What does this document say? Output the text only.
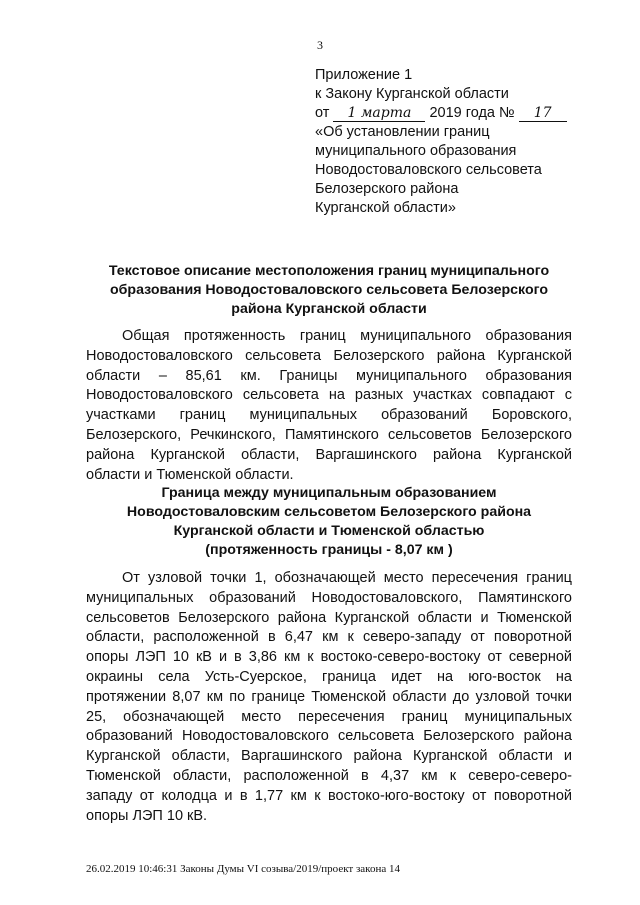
3
Приложение 1
к Закону Курганской области
от 1 марта 2019 года № 17
«Об установлении границ
муниципального образования
Новодостоваловского сельсовета
Белозерского района
Курганской области»
Текстовое описание местоположения границ муниципального
образования Новодостоваловского сельсовета Белозерского
района Курганской области
Общая протяженность границ муниципального образования
Новодостоваловского сельсовета Белозерского района Курганской
области – 85,61 км. Границы муниципального образования
Новодостоваловского сельсовета на разных участках совпадают с
участками границ муниципальных образований Боровского,
Белозерского, Речкинского, Памятинского сельсоветов Белозерского
района Курганской области, Варгашинского района Курганской
области и Тюменской области.
Граница между муниципальным образованием
Новодостоваловским сельсоветом Белозерского района
Курганской области и Тюменской областью
(протяженность границы - 8,07 км )
От узловой точки 1, обозначающей место пересечения границ
муниципальных образований Новодостоваловского, Памятинского
сельсоветов Белозерского района Курганской области и Тюменской
области, расположенной в 6,47 км к северо-западу от поворотной
опоры ЛЭП 10 кВ и в 3,86 км к востоко-северо-востоку от северной
окраины села Усть-Суерское, граница идет на юго-восток на
протяжении 8,07 км по границе Тюменской области до узловой точки
25, обозначающей место пересечения границ муниципальных
образований Новодостоваловского сельсовета Белозерского района
Курганской области, Варгашинского района Курганской области и
Тюменской области, расположенной в 4,37 км к северо-северо-
западу от колодца и в 1,77 км к востоко-юго-востоку от поворотной
опоры ЛЭП 10 кВ.
26.02.2019 10:46:31 Законы Думы VI созыва/2019/проект закона 14
